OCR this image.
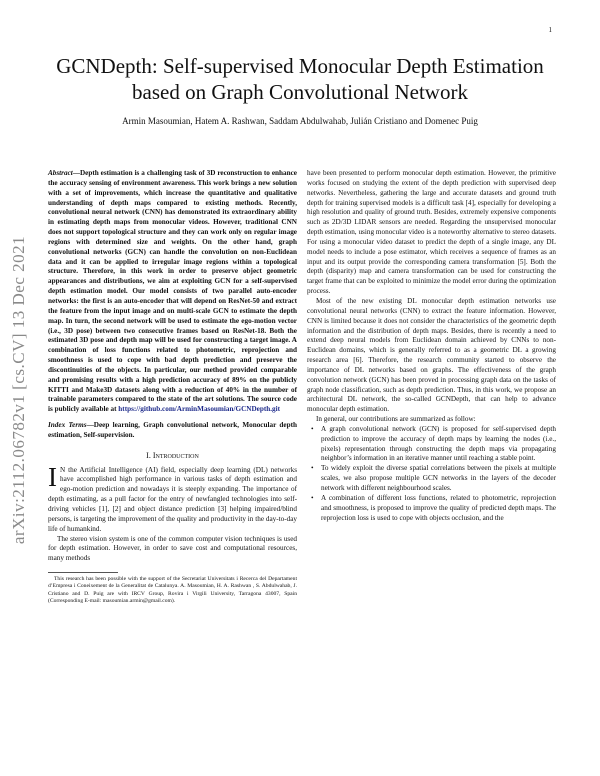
1
arXiv:2112.06782v1 [cs.CV] 13 Dec 2021
GCNDepth: Self-supervised Monocular Depth Estimation based on Graph Convolutional Network
Armin Masoumian, Hatem A. Rashwan, Saddam Abdulwahab, Julián Cristiano and Domenec Puig

Abstract—Depth estimation is a challenging task of 3D reconstruction to enhance the accuracy sensing of environment awareness. This work brings a new solution with a set of improvements, which increase the quantitative and qualitative understanding of depth maps compared to existing methods. Recently, convolutional neural network (CNN) has demonstrated its extraordinary ability in estimating depth maps from monocular videos. However, traditional CNN does not support topological structure and they can work only on regular image regions with determined size and weights. On the other hand, graph convolutional networks (GCN) can handle the convolution on non-Euclidean data and it can be applied to irregular image regions within a topological structure. Therefore, in this work in order to preserve object geometric appearances and distributions, we aim at exploiting GCN for a self-supervised depth estimation model. Our model consists of two parallel auto-encoder networks: the first is an auto-encoder that will depend on ResNet-50 and extract the feature from the input image and on multi-scale GCN to estimate the depth map. In turn, the second network will be used to estimate the ego-motion vector (i.e., 3D pose) between two consecutive frames based on ResNet-18. Both the estimated 3D pose and depth map will be used for constructing a target image. A combination of loss functions related to photometric, reprojection and smoothness is used to cope with bad depth prediction and preserve the discontinuities of the objects. In particular, our method provided comparable and promising results with a high prediction accuracy of 89% on the publicly KITTI and Make3D datasets along with a reduction of 40% in the number of trainable parameters compared to the state of the art solutions. The source code is publicly available at https://github.com/ArminMasoumian/GCNDepth.git

Index Terms—Deep learning, Graph convolutional network, Monocular depth estimation, Self-supervision.

I. Introduction

I N the Artificial Intelligence (AI) field, especially deep learning (DL) networks have accomplished high performance in various tasks of depth estimation and ego-motion prediction and nowadays it is steeply expanding. The importance of depth estimating, as a pull factor for the entry of newfangled technologies into self-driving vehicles [1], [2] and object distance prediction [3] helping impaired/blind persons, is targeting the improvement of the quality and productivity in the day-to-day life of humankind.

The stereo vision system is one of the common computer vision techniques is used for depth estimation. However, in order to save cost and computational resources, many methods

This research has been possible with the support of the Secretariat Universitats i Recerca del Departament d’Empresa i Coneixement de la Generalitat de Catalunya. A. Masoumian, H. A. Rashwan , S. Abdulwahab, J. Cristiano and D. Puig are with IRCV Group, Rovira i Virgili University, Tarragona 43007, Spain (Corresponding E-mail: masoumian.armin@gmail.com).

have been presented to perform monocular depth estimation. However, the primitive works focused on studying the extent of the depth prediction with supervised deep networks. Nevertheless, gathering the large and accurate datasets and ground truth depth for training supervised models is a difficult task [4], especially for developing a high resolution and quality of ground truth. Besides, extremely expensive components such as 2D/3D LIDAR sensors are needed. Regarding the unsupervised monocular depth estimation, using monocular video is a noteworthy alternative to stereo datasets. For using a monocular video dataset to predict the depth of a single image, any DL model needs to include a pose estimator, which receives a sequence of frames as an input and its output provide the corresponding camera transformation [5]. Both the depth (disparity) map and camera transformation can be used for constructing the target frame that can be exploited to minimize the model error during the optimization process.

Most of the new existing DL monocular depth estimation networks use convolutional neural networks (CNN) to extract the feature information. However, CNN is limited because it does not consider the characteristics of the geometric depth information and the distribution of depth maps. Besides, there is recently a need to extend deep neural models from Euclidean domain achieved by CNNs to non-Euclidean domains, which is generally referred to as a geometric DL a growing research area [6]. Therefore, the research community started to observe the importance of DL networks based on graphs. The effectiveness of the graph convolution network (GCN) has been proved in processing graph data on the tasks of graph node classification, such as depth prediction. Thus, in this work, we propose an architectural DL network, the so-called GCNDepth, that can help to advance monocular depth estimation.

In general, our contributions are summarized as follow:

• A graph convolutional network (GCN) is proposed for self-supervised depth prediction to improve the accuracy of depth maps by learning the nodes (i.e., pixels) representation through constructing the depth maps via propagating neighbor’s information in an iterative manner until reaching a stable point.
• To widely exploit the diverse spatial correlations between the pixels at multiple scales, we also propose multiple GCN networks in the layers of the decoder network with different neighbourhood scales.
• A combination of different loss functions, related to photometric, reprojection and smoothness, is proposed to improve the quality of predicted depth maps. The reprojection loss is used to cope with objects occlusion, and the
